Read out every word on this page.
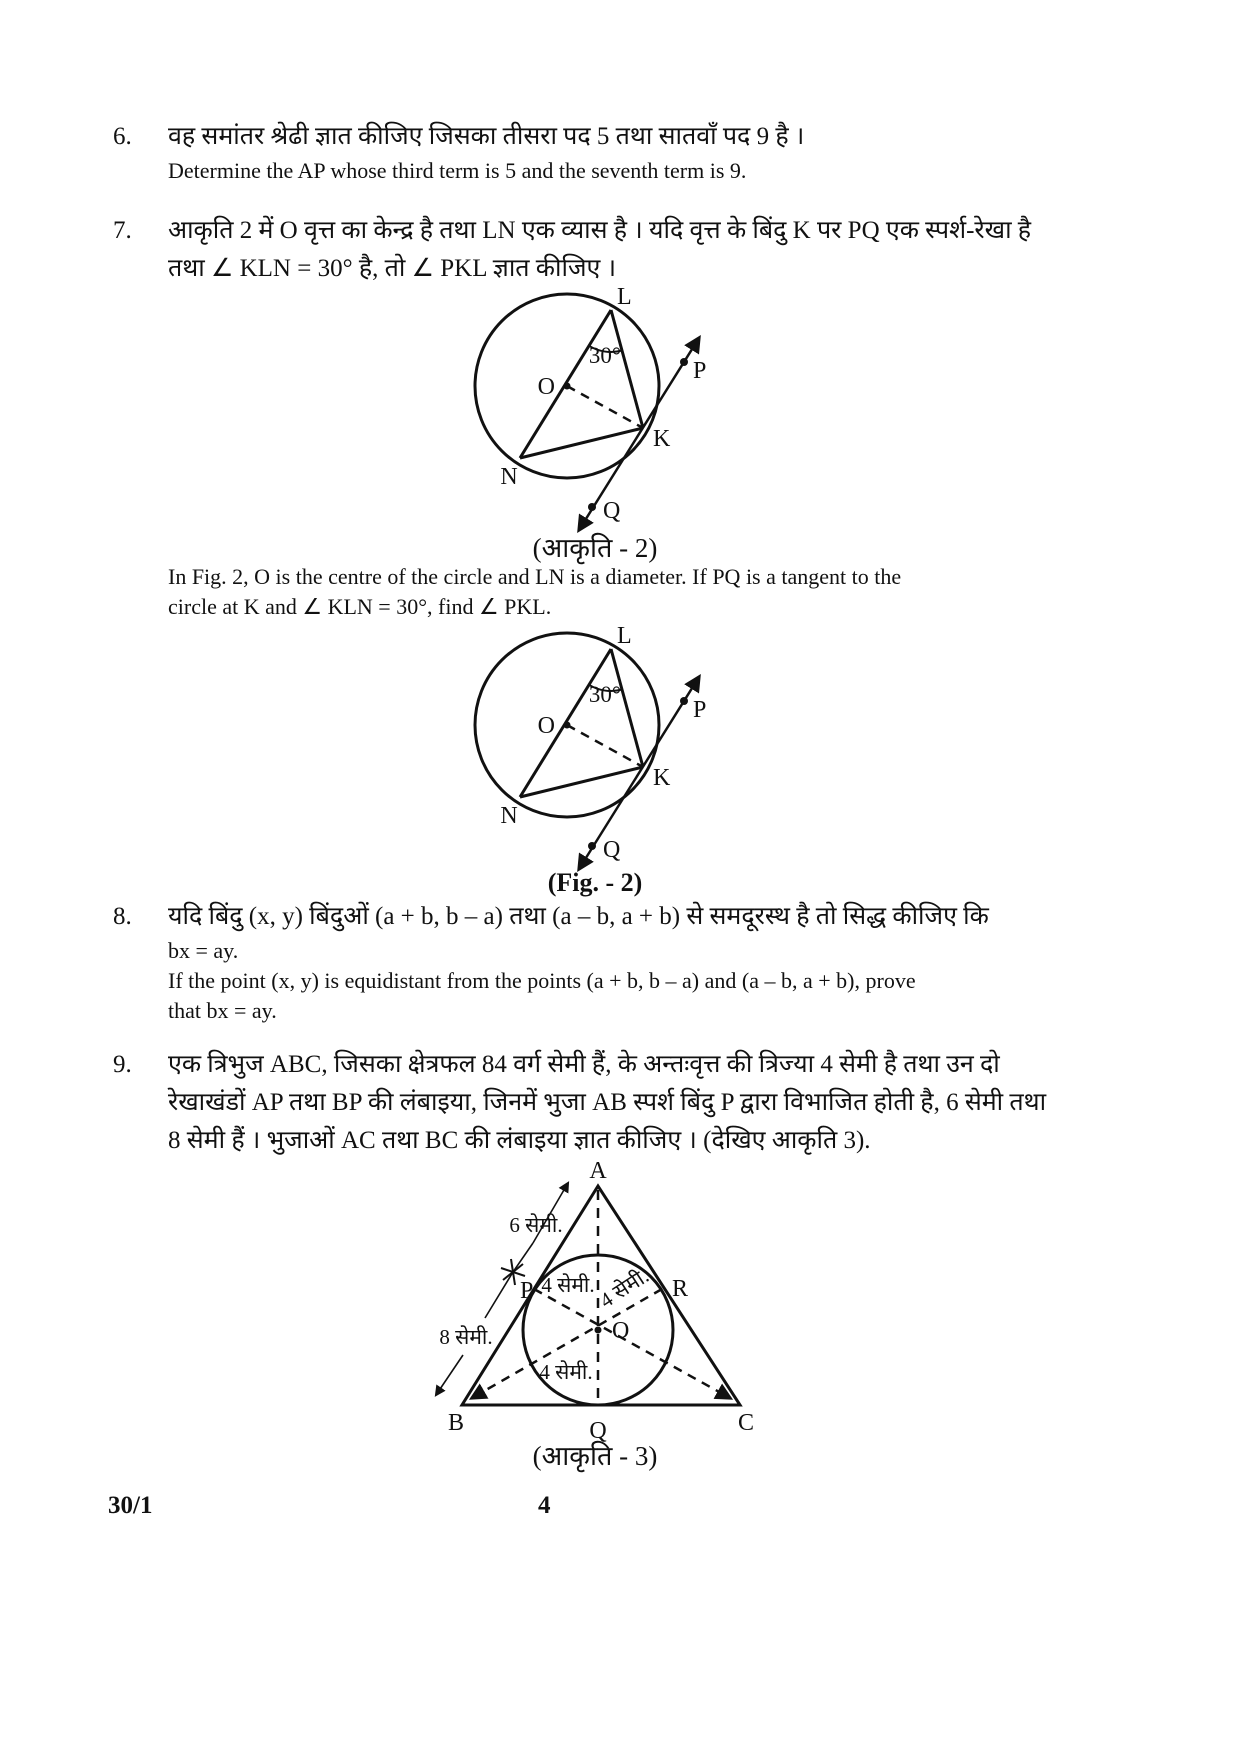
6.	वह समांतर श्रेढी ज्ञात कीजिए जिसका तीसरा पद 5 तथा सातवाँ पद 9 है ।
Determine the AP whose third term is 5 and the seventh term is 9.
7.	आकृति 2 में O वृत्त का केन्द्र है तथा LN एक व्यास है । यदि वृत्त के बिंदु K पर PQ एक स्पर्श-रेखा है
तथा ∠ KLN = 30° है, तो ∠ PKL ज्ञात कीजिए ।
L
O
N
K
P
Q
30°
(आकृति - 2)
In Fig. 2, O is the centre of the circle and LN is a diameter. If PQ is a tangent to the
circle at K and ∠ KLN = 30°, find ∠ PKL.
L
O
N
K
P
Q
30°
(Fig. - 2)
8.	यदि बिंदु (x, y) बिंदुओं (a + b, b – a) तथा (a – b, a + b) से समदूरस्थ है तो सिद्ध कीजिए कि
bx = ay.
If the point (x, y) is equidistant from the points (a + b, b – a) and (a – b, a + b), prove
that bx = ay.
9.	एक त्रिभुज ABC, जिसका क्षेत्रफल 84 वर्ग सेमी हैं, के अन्तःवृत्त की त्रिज्या 4 सेमी है तथा उन दो
रेखाखंडों AP तथा BP की लंबाइया, जिनमें भुजा AB स्पर्श बिंदु P द्वारा विभाजित होती है, 6 सेमी तथा
8 सेमी हैं । भुजाओं AC तथा BC की लंबाइया ज्ञात कीजिए । (देखिए आकृति 3).
A
B	C
Q
P	R
O
6 सेमी.
8 सेमी.
4 सेमी. 4 सेमी.
4 सेमी.
(आकृति - 3)
30/1	4
